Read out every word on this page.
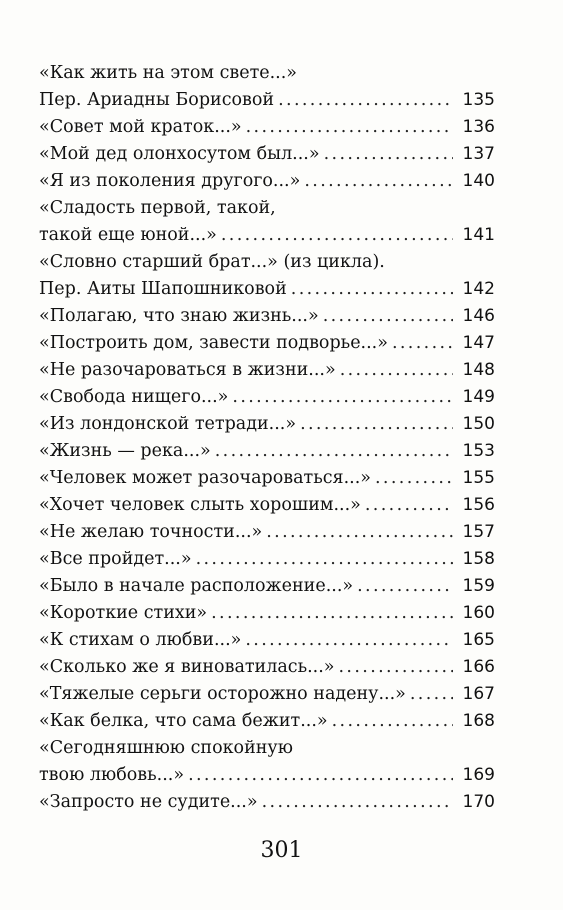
«Как жить на этом свете...»
Пер. Ариадны Борисовой . . .	135
«Совет мой краток...» . . .	136
«Мой дед олонхосутом был...» . . .	137
«Я из поколения другого...» . . .	140
«Сладость первой, такой,
такой еще юной...» . . .	141
«Словно старший брат...» (из цикла).
Пер. Аиты Шапошниковой . . .	142
«Полагаю, что знаю жизнь...» . . .	146
«Построить дом, завести подворье...» . . .	147
«Не разочароваться в жизни...» . . .	148
«Свобода нищего...» . . .	149
«Из лондонской тетради...» . . .	150
«Жизнь — река...» . . .	153
«Человек может разочароваться...» . . .	155
«Хочет человек слыть хорошим...» . . .	156
«Не желаю точности...» . . .	157
«Все пройдет...» . . .	158
«Было в начале расположение...» . . .	159
«Короткие стихи» . . .	160
«К стихам о любви...» . . .	165
«Сколько же я виноватилась...» . . .	166
«Тяжелые серьги осторожно надену...» . . .	167
«Как белка, что сама бежит...» . . .	168
«Сегодняшнюю спокойную
твою любовь...» . . .	169
«Запросто не судите...» . . .	170
301
